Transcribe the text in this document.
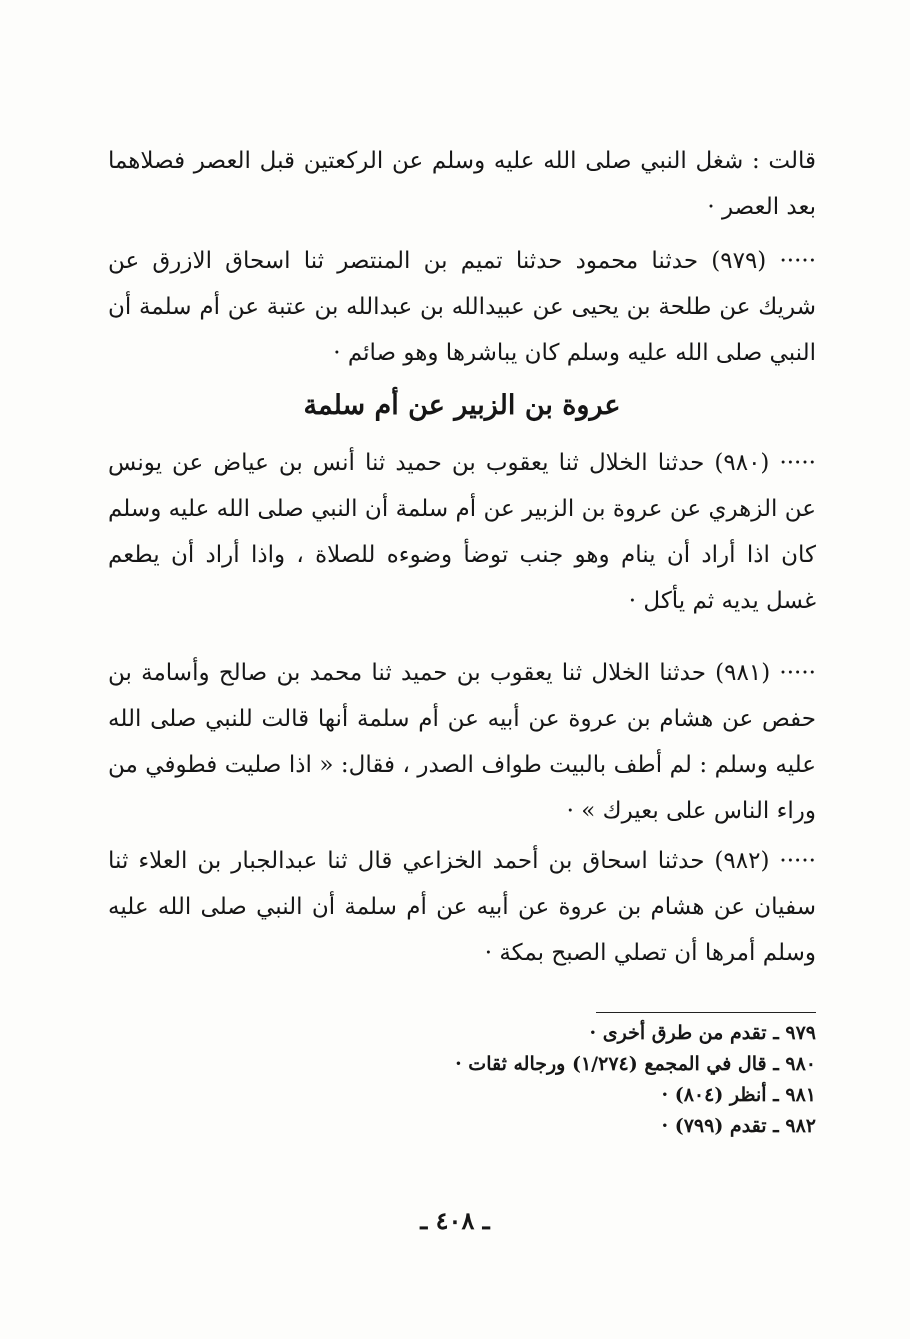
قالت : شغل النبي صلى الله عليه وسلم عن الركعتين قبل العصر فصلاهما بعد العصر ·

····· (٩٧٩) حدثنا محمود حدثنا تميم بن المنتصر ثنا اسحاق الازرق عن شريك عن طلحة بن يحيى عن عبيدالله بن عبدالله بن عتبة عن أم سلمة أن النبي صلى الله عليه وسلم كان يباشرها وهو صائم ·

عروة بن الزبير عن أم سلمة

····· (٩٨٠) حدثنا الخلال ثنا يعقوب بن حميد ثنا أنس بن عياض عن يونس عن الزهري عن عروة بن الزبير عن أم سلمة أن النبي صلى الله عليه وسلم كان اذا أراد أن ينام وهو جنب توضأ وضوءه للصلاة ، واذا أراد أن يطعم غسل يديه ثم يأكل ·

····· (٩٨١) حدثنا الخلال ثنا يعقوب بن حميد ثنا محمد بن صالح وأسامة بن حفص عن هشام بن عروة عن أبيه عن أم سلمة أنها قالت للنبي صلى الله عليه وسلم : لم أطف بالبيت طواف الصدر ، فقال: « اذا صليت فطوفي من وراء الناس على بعيرك » ·

····· (٩٨٢) حدثنا اسحاق بن أحمد الخزاعي قال ثنا عبدالجبار بن العلاء ثنا سفيان عن هشام بن عروة عن أبيه عن أم سلمة أن النبي صلى الله عليه وسلم أمرها أن تصلي الصبح بمكة ·

٩٧٩ ـ تقدم من طرق أخرى ·
٩٨٠ ـ قال في المجمع (١/٢٧٤) ورجاله ثقات ·
٩٨١ ـ أنظر (٨٠٤) ·
٩٨٢ ـ تقدم (٧٩٩) ·
ـ ٤٠٨ ـ
